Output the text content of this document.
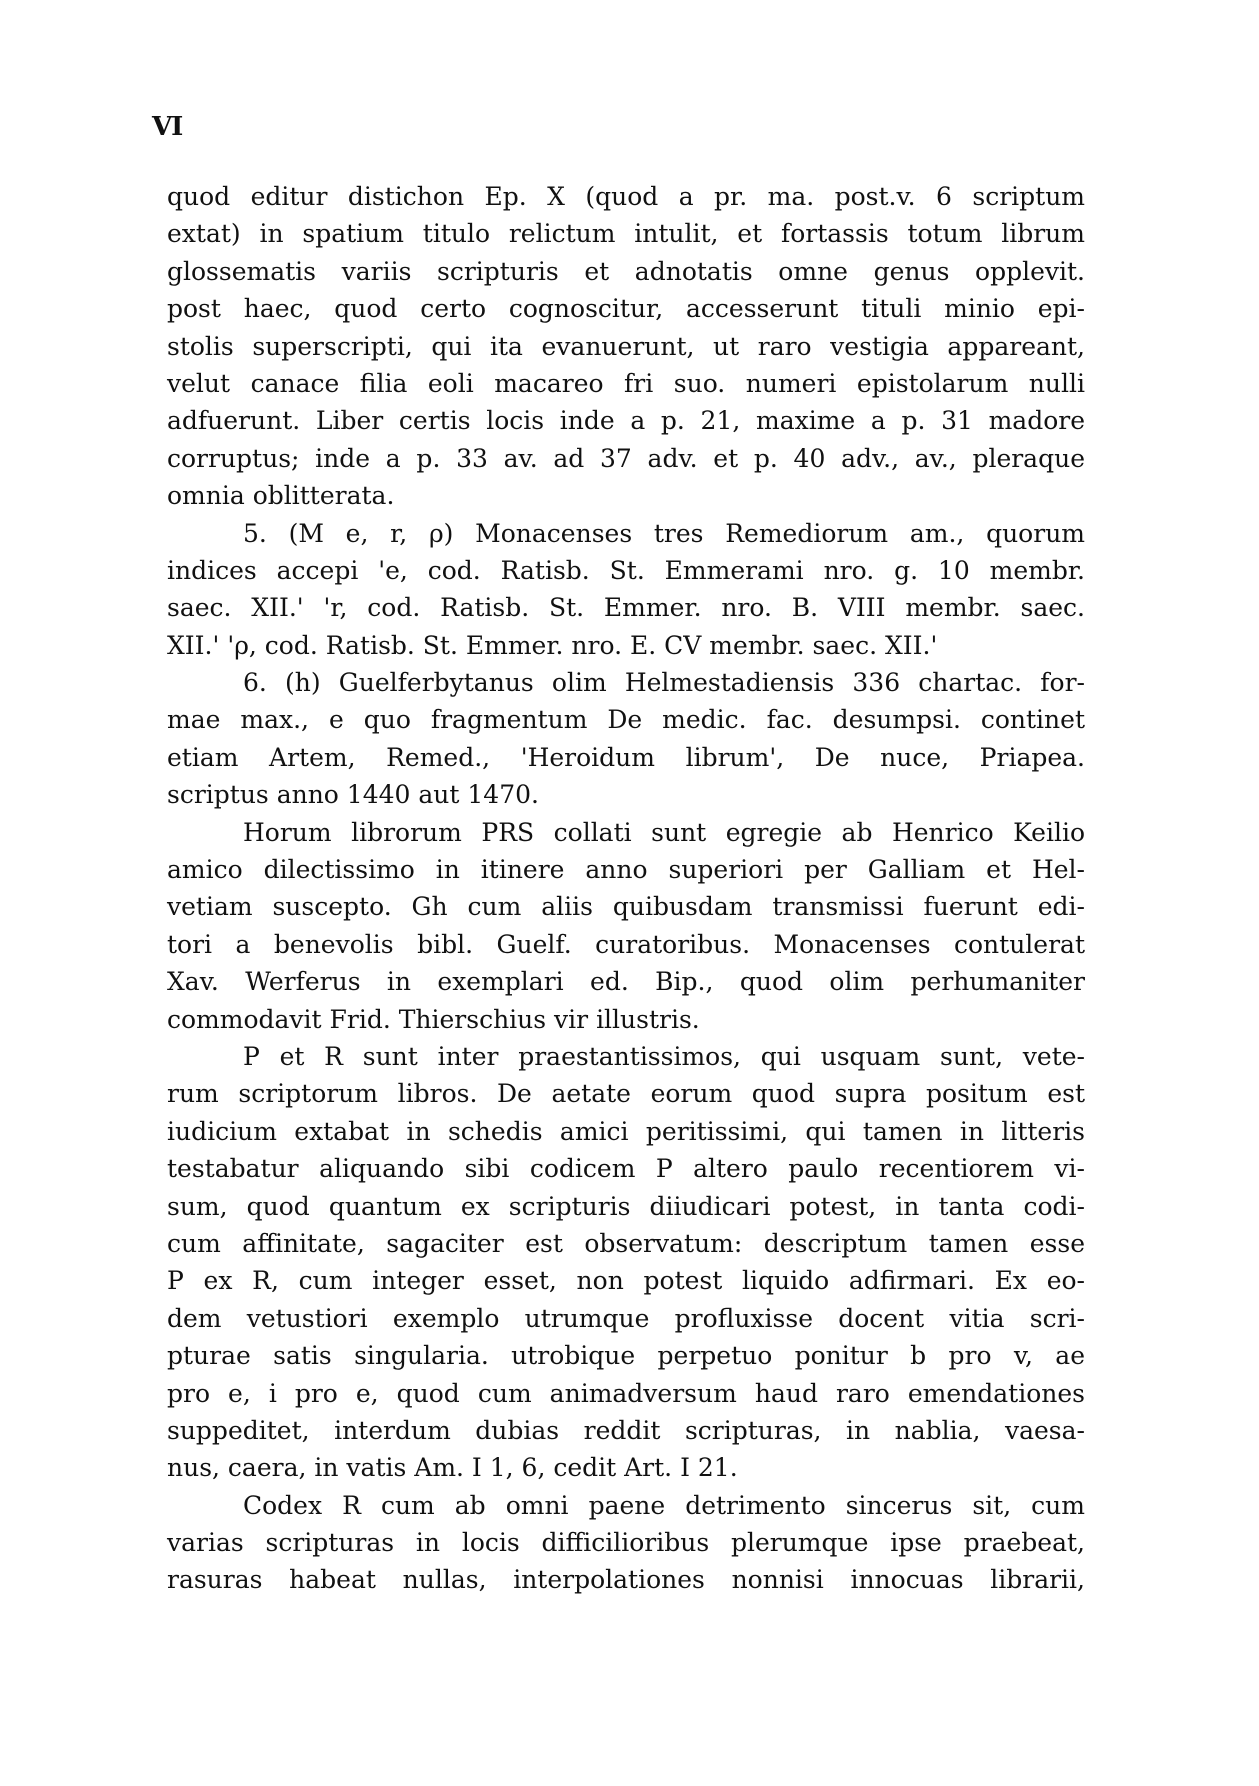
VI
quod editur distichon Ep. X (quod a pr. ma. post.v. 6 scriptum
extat) in spatium titulo relictum intulit, et fortassis totum librum
glossematis variis scripturis et adnotatis omne genus opplevit.
post haec, quod certo cognoscitur, accesserunt tituli minio epi-
stolis superscripti, qui ita evanuerunt, ut raro vestigia appareant,
velut canace filia eoli macareo fri suo. numeri epistolarum nulli
adfuerunt. Liber certis locis inde a p. 21, maxime a p. 31 madore
corruptus; inde a p. 33 av. ad 37 adv. et p. 40 adv., av., pleraque
omnia oblitterata.
5. (M e, r, ρ) Monacenses tres Remediorum am., quorum
indices accepi 'e, cod. Ratisb. St. Emmerami nro. g. 10 membr.
saec. XII.' 'r, cod. Ratisb. St. Emmer. nro. B. VIII membr. saec.
XII.' 'ρ, cod. Ratisb. St. Emmer. nro. E. CV membr. saec. XII.'
6. (h) Guelferbytanus olim Helmestadiensis 336 chartac. for-
mae max., e quo fragmentum De medic. fac. desumpsi. continet
etiam Artem, Remed., 'Heroidum librum', De nuce, Priapea.
scriptus anno 1440 aut 1470.
Horum librorum PRS collati sunt egregie ab Henrico Keilio
amico dilectissimo in itinere anno superiori per Galliam et Hel-
vetiam suscepto. Gh cum aliis quibusdam transmissi fuerunt edi-
tori a benevolis bibl. Guelf. curatoribus. Monacenses contulerat
Xav. Werferus in exemplari ed. Bip., quod olim perhumaniter
commodavit Frid. Thierschius vir illustris.
P et R sunt inter praestantissimos, qui usquam sunt, vete-
rum scriptorum libros. De aetate eorum quod supra positum est
iudicium extabat in schedis amici peritissimi, qui tamen in litteris
testabatur aliquando sibi codicem P altero paulo recentiorem vi-
sum, quod quantum ex scripturis diiudicari potest, in tanta codi-
cum affinitate, sagaciter est observatum: descriptum tamen esse
P ex R, cum integer esset, non potest liquido adfirmari. Ex eo-
dem vetustiori exemplo utrumque profluxisse docent vitia scri-
pturae satis singularia. utrobique perpetuo ponitur b pro v, ae
pro e, i pro e, quod cum animadversum haud raro emendationes
suppeditet, interdum dubias reddit scripturas, in nablia, vaesa-
nus, caera, in vatis Am. I 1, 6, cedit Art. I 21.
Codex R cum ab omni paene detrimento sincerus sit, cum
varias scripturas in locis difficilioribus plerumque ipse praebeat,
rasuras habeat nullas, interpolationes nonnisi innocuas librarii,
